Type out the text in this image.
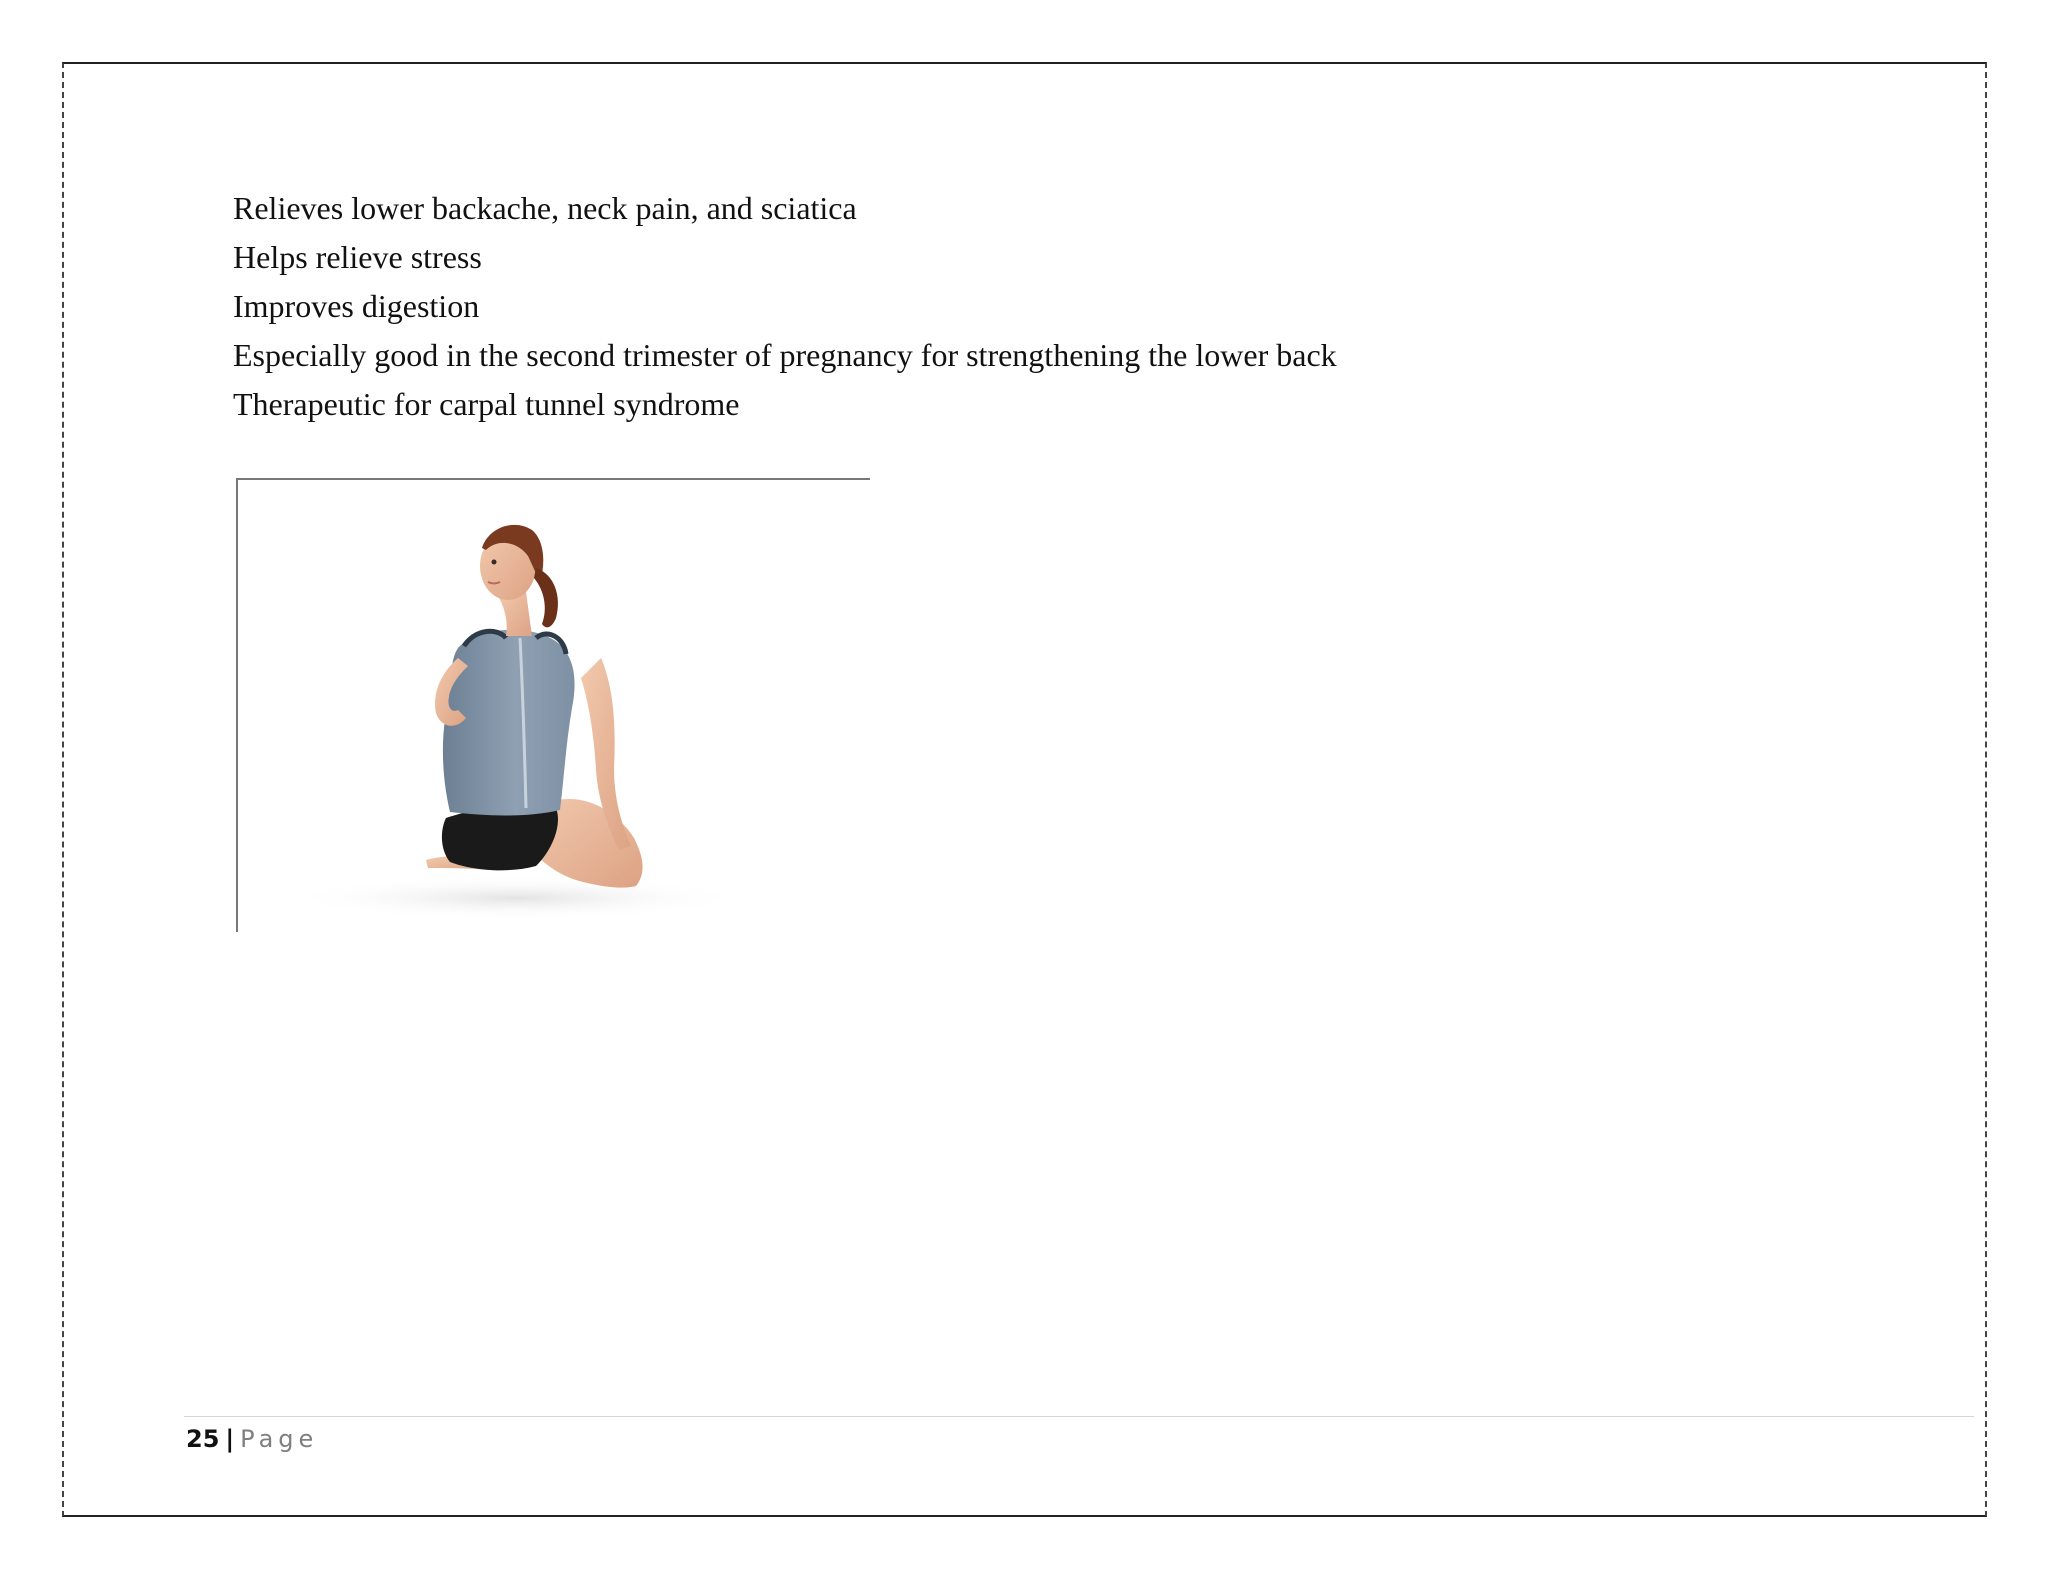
Relieves lower backache, neck pain, and sciatica
Helps relieve stress
Improves digestion
Especially good in the second trimester of pregnancy for strengthening the lower back
Therapeutic for carpal tunnel syndrome
25 | Page
